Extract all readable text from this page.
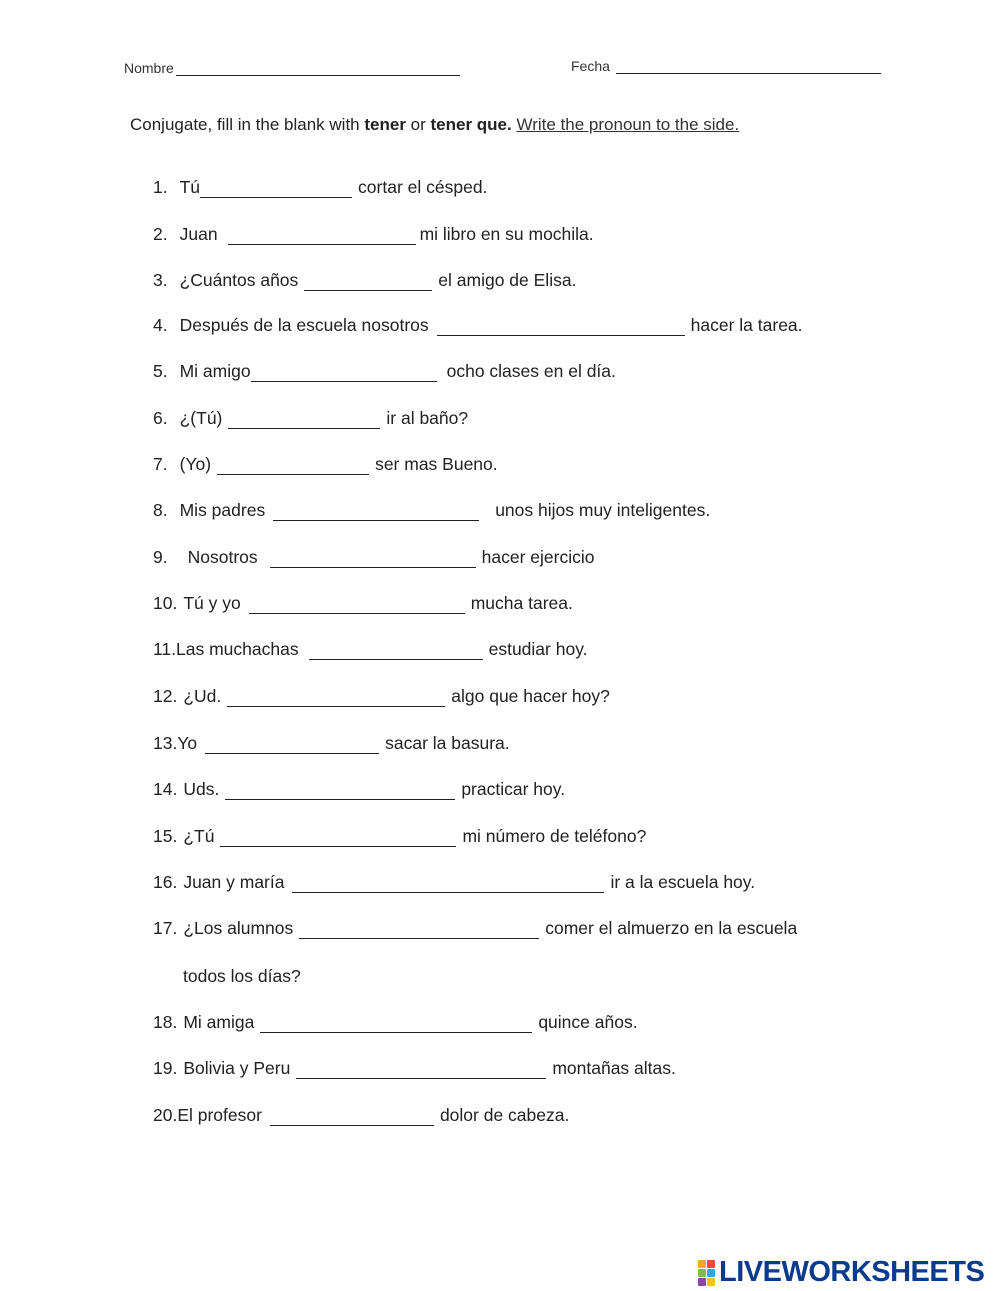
Nombre	Fecha
Conjugate, fill in the blank with tener or tener que. Write the pronoun to the side.
1. Tú	cortar el césped.
2. Juan	mi libro en su mochila.
3. ¿Cuántos años	el amigo de Elisa.
4. Después de la escuela nosotros	hacer la tarea.
5. Mi amigo	ocho clases en el día.
6. ¿(Tú)	ir al baño?
7. (Yo)	ser mas Bueno.
8. Mis padres	unos hijos muy inteligentes.
9. Nosotros	hacer ejercicio
10. Tú y yo	mucha tarea.
11. Las muchachas	estudiar hoy.
12. ¿Ud.	algo que hacer hoy?
13. Yo	sacar la basura.
14. Uds.	practicar hoy.
15. ¿Tú	mi número de teléfono?
16. Juan y maría	ir a la escuela hoy.
17. ¿Los alumnos	comer el almuerzo en la escuela
todos los días?
18. Mi amiga	quince años.
19. Bolivia y Peru	montañas altas.
20. El profesor	dolor de cabeza.
LIVEWORKSHEETS
